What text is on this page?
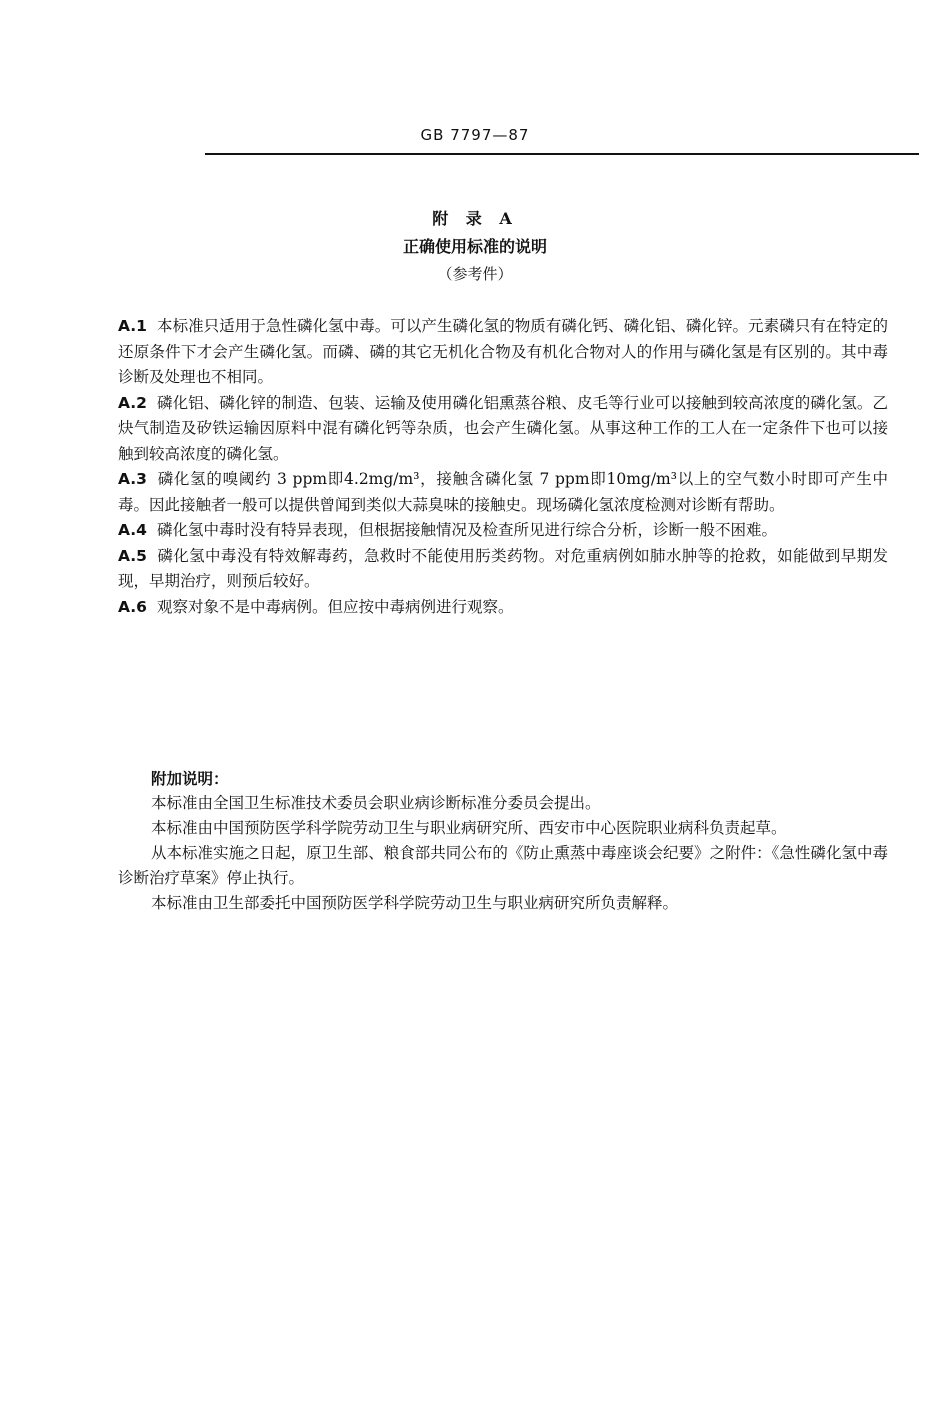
GB 7797—87
附 录 A
正确使用标准的说明
（参考件）

A.1 本标准只适用于急性磷化氢中毒。可以产生磷化氢的物质有磷化钙、磷化铝、磷化锌。元素磷只有在特定的还原条件下才会产生磷化氢。而磷、磷的其它无机化合物及有机化合物对人的作用与磷化氢是有区别的。其中毒诊断及处理也不相同。

A.2 磷化铝、磷化锌的制造、包装、运输及使用磷化铝熏蒸谷粮、皮毛等行业可以接触到较高浓度的磷化氢。乙炔气制造及矽铁运输因原料中混有磷化钙等杂质，也会产生磷化氢。从事这种工作的工人在一定条件下也可以接触到较高浓度的磷化氢。

A.3 磷化氢的嗅阈约 3 ppm即4.2mg/m³，接触含磷化氢 7 ppm即10mg/m³以上的空气数小时即可产生中毒。因此接触者一般可以提供曾闻到类似大蒜臭味的接触史。现场磷化氢浓度检测对诊断有帮助。

A.4 磷化氢中毒时没有特异表现，但根据接触情况及检查所见进行综合分析，诊断一般不困难。

A.5 磷化氢中毒没有特效解毒药，急救时不能使用肟类药物。对危重病例如肺水肿等的抢救，如能做到早期发现，早期治疗，则预后较好。

A.6 观察对象不是中毒病例。但应按中毒病例进行观察。

附加说明：

本标准由全国卫生标准技术委员会职业病诊断标准分委员会提出。

本标准由中国预防医学科学院劳动卫生与职业病研究所、西安市中心医院职业病科负责起草。

从本标准实施之日起，原卫生部、粮食部共同公布的《防止熏蒸中毒座谈会纪要》之附件：《急性磷化氢中毒诊断治疗草案》停止执行。

本标准由卫生部委托中国预防医学科学院劳动卫生与职业病研究所负责解释。
